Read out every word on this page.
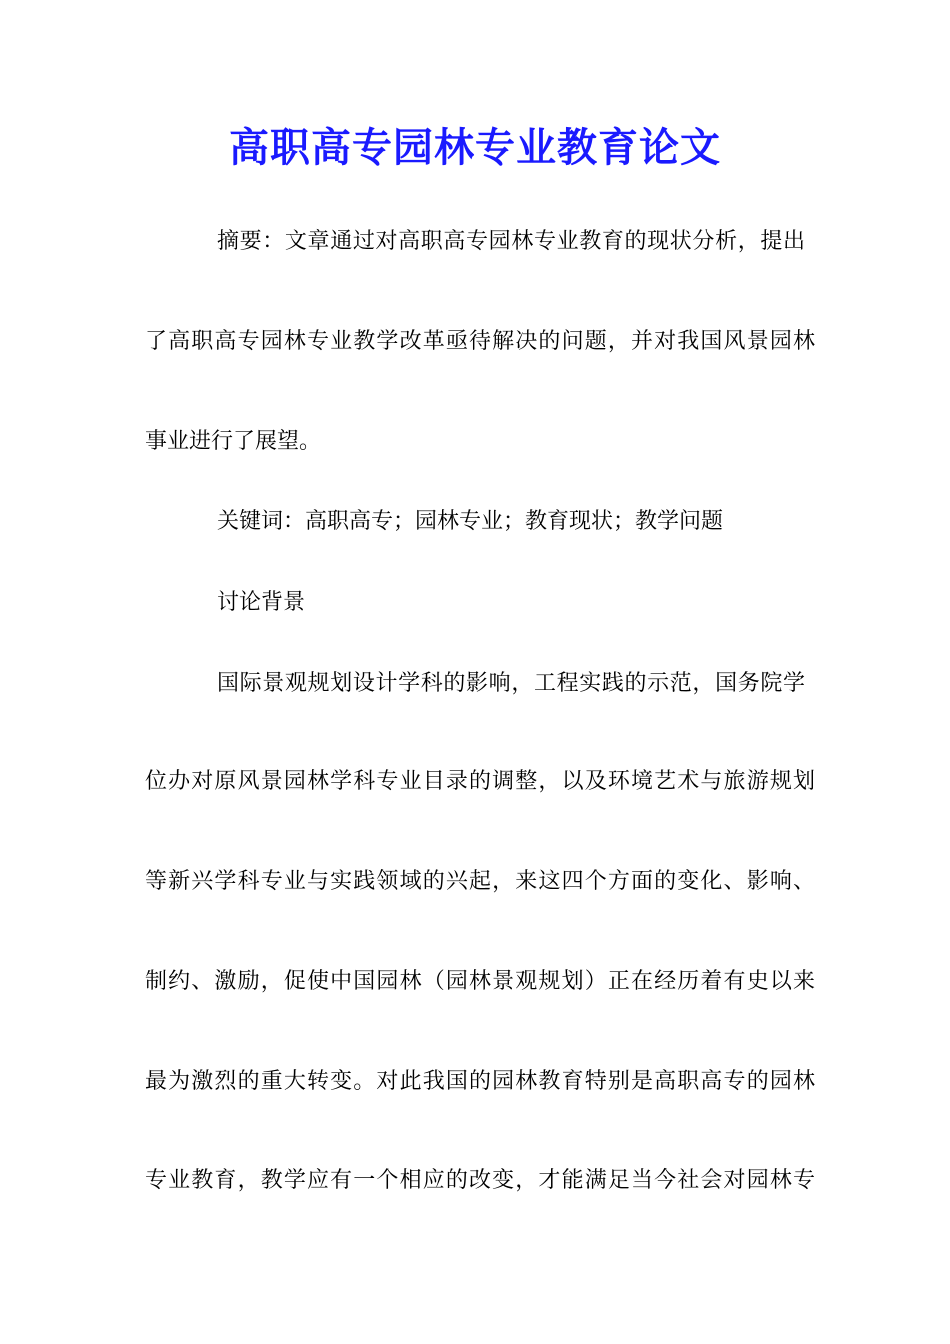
高职高专园林专业教育论文

摘要：文章通过对高职高专园林专业教育的现状分析，提出

了高职高专园林专业教学改革亟待解决的问题，并对我国风景园林

事业进行了展望。

关键词：高职高专；园林专业；教育现状；教学问题

讨论背景

国际景观规划设计学科的影响，工程实践的示范，国务院学

位办对原风景园林学科专业目录的调整，以及环境艺术与旅游规划

等新兴学科专业与实践领域的兴起，来这四个方面的变化、影响、

制约、激励，促使中国园林（园林景观规划）正在经历着有史以来

最为激烈的重大转变。对此我国的园林教育特别是高职高专的园林

专业教育，教学应有一个相应的改变，才能满足当今社会对园林专
